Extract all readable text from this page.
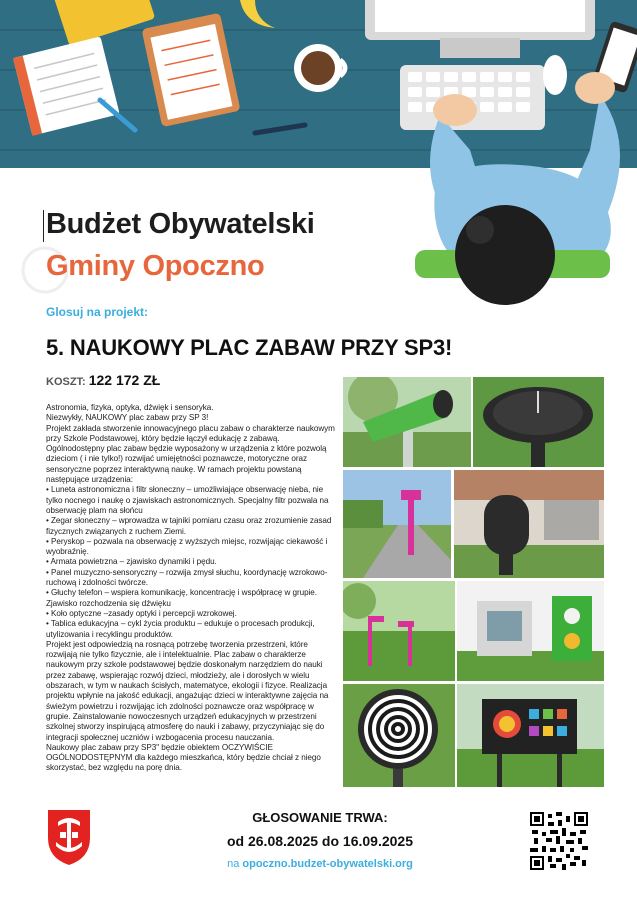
Budżet Obywatelski
Gminy Opoczno
Glosuj na projekt:
5. NAUKOWY PLAC ZABAW PRZY SP3!
KOSZT: 122 172 ZŁ

Astronomia, fizyka, optyka, dźwięk i sensoryka.

Niezwykły, NAUKOWY plac zabaw przy SP 3!

Projekt zakłada stworzenie innowacyjnego placu zabaw o charakterze naukowym przy Szkole Podstawowej, który będzie łączył edukację z zabawą. Ogólnodostępny plac zabaw będzie wyposażony w urządzenia z które pozwolą dzieciom ( i nie tylko!) rozwijać umiejętności poznawcze, motoryczne oraz sensoryczne poprzez interaktywną naukę. W ramach projektu powstaną następujące urządzenia:

• Luneta astronomiczna i filtr słoneczny – umożliwiające obserwację nieba, nie tylko nocnego i naukę o zjawiskach astronomicznych. Specjalny filtr pozwala na obserwację plam na słońcu

• Zegar słoneczny – wprowadza w tajniki pomiaru czasu oraz zrozumienie zasad fizycznych związanych z ruchem Ziemi.

• Peryskop – pozwala na obserwację z wyższych miejsc, rozwijając ciekawość i wyobraźnię.

• Armata powietrzna – zjawisko dynamiki i pędu.

• Panel muzyczno-sensoryczny – rozwija zmysł słuchu, koordynację wzrokowo-ruchową i zdolności twórcze.

• Głuchy telefon – wspiera komunikację, koncentrację i współpracę w grupie. Zjawisko rozchodzenia się dźwięku

• Koło optyczne –zasady optyki i percepcji wzrokowej.

• Tablica edukacyjna – cykl życia produktu – edukuje o procesach produkcji, utylizowania i recyklingu produktów.

Projekt jest odpowiedzią na rosnącą potrzebę tworzenia przestrzeni, które rozwijają nie tylko fizycznie, ale i intelektualnie. Plac zabaw o charakterze naukowym przy szkole podstawowej będzie doskonałym narzędziem do nauki przez zabawę, wspierając rozwój dzieci, młodzieży, ale i dorosłych w wielu obszarach, w tym w naukach ścisłych, matematyce, ekologii i fizyce. Realizacja projektu wpłynie na jakość edukacji, angażując dzieci w interaktywne zajęcia na świeżym powietrzu i rozwijając ich zdolności poznawcze oraz współpracę w grupie. Zainstalowanie nowoczesnych urządzeń edukacyjnych w przestrzeni szkolnej stworzy inspirującą atmosferę do nauki i zabawy, przyczyniając się do integracji społecznej uczniów i wzbogacenia procesu nauczania.

Naukowy plac zabaw przy SP3" będzie obiektem OCZYWIŚCIE OGÓLNODOSTĘPNYM dla każdego mieszkańca, który będzie chciał z niego skorzystać, bez względu na porę dnia.

GŁOSOWANIE TRWA:
od 26.08.2025 do 16.09.2025
na opoczno.budzet-obywatelski.org
